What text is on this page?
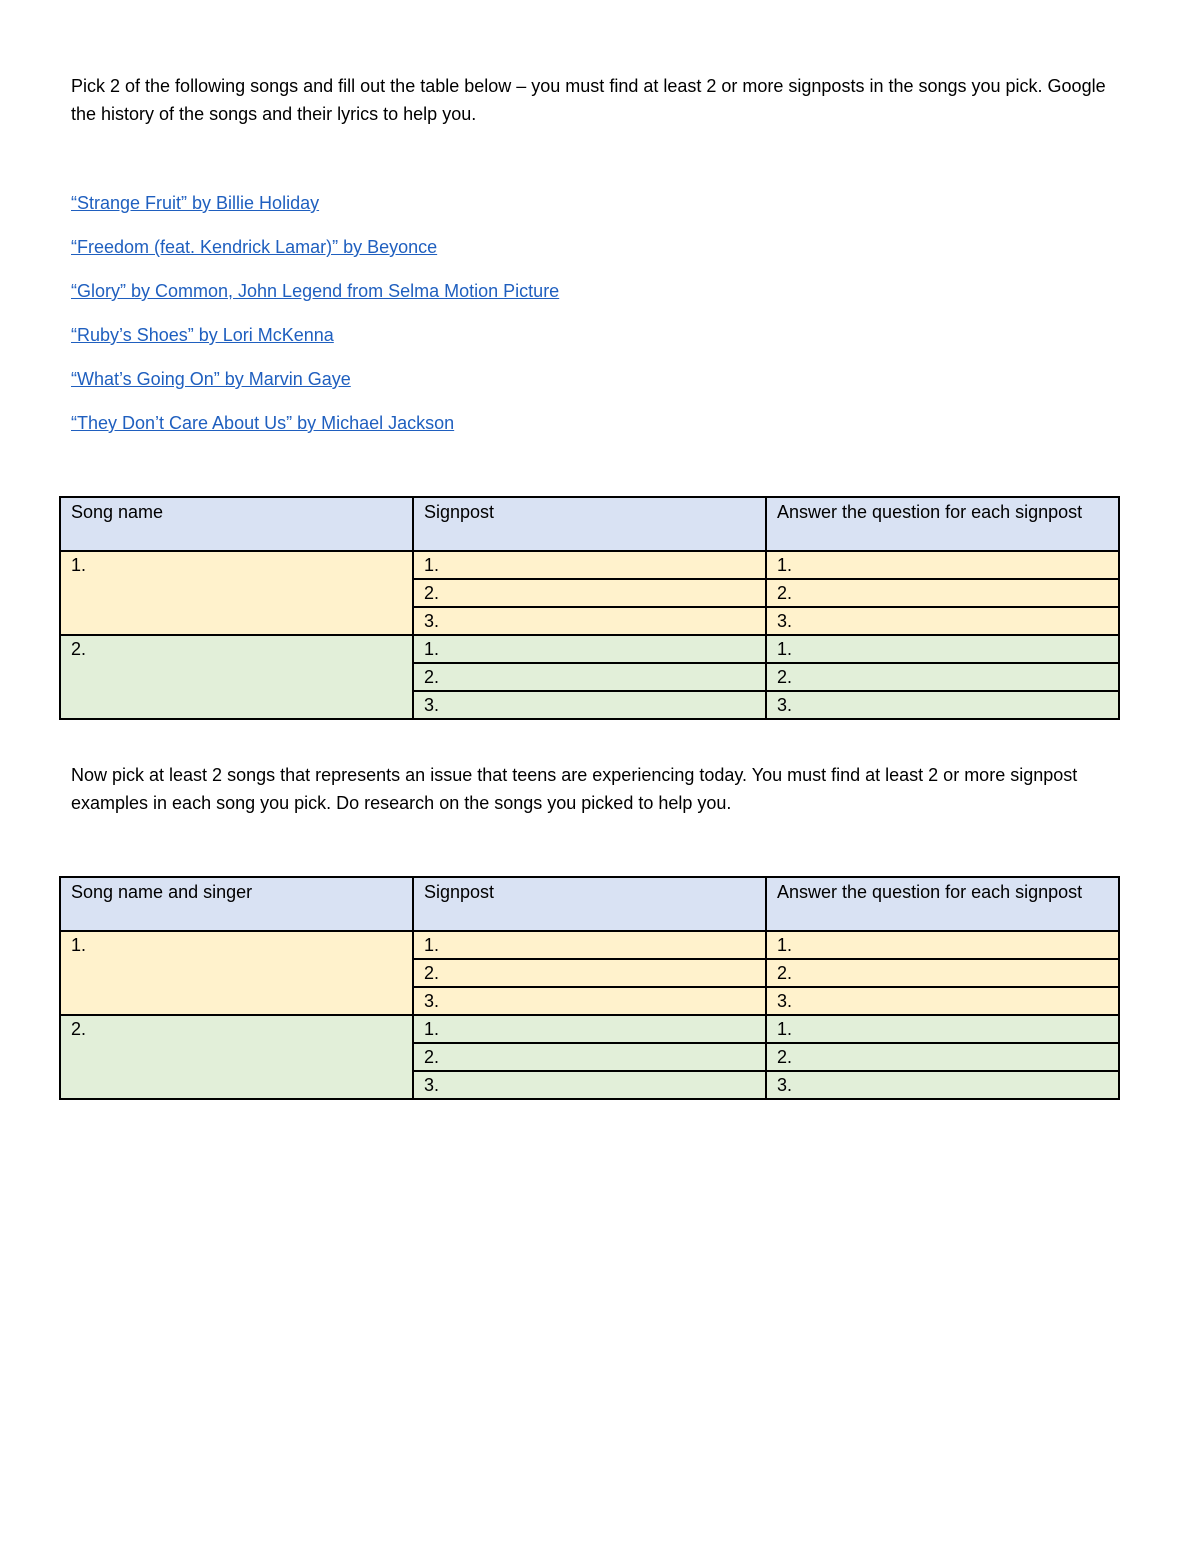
Pick 2 of the following songs and fill out the table below – you must find at least 2 or more signposts in the songs you pick. Google the history of the songs and their lyrics to help you.

“Strange Fruit” by Billie Holiday
“Freedom (feat. Kendrick Lamar)” by Beyonce
“Glory” by Common, John Legend from Selma Motion Picture
“Ruby’s Shoes” by Lori McKenna
“What’s Going On” by Marvin Gaye
“They Don’t Care About Us” by Michael Jackson
Song name	Signpost	Answer the question for each signpost
1.	1.	1.
	2.	2.
	3.	3.
2.	1.	1.
	2.	2.
	3.	3.

Now pick at least 2 songs that represents an issue that teens are experiencing today. You must find at least 2 or more signpost examples in each song you pick. Do research on the songs you picked to help you.

Song name and singer	Signpost	Answer the question for each signpost
1.	1.	1.
	2.	2.
	3.	3.
2.	1.	1.
	2.	2.
	3.	3.
